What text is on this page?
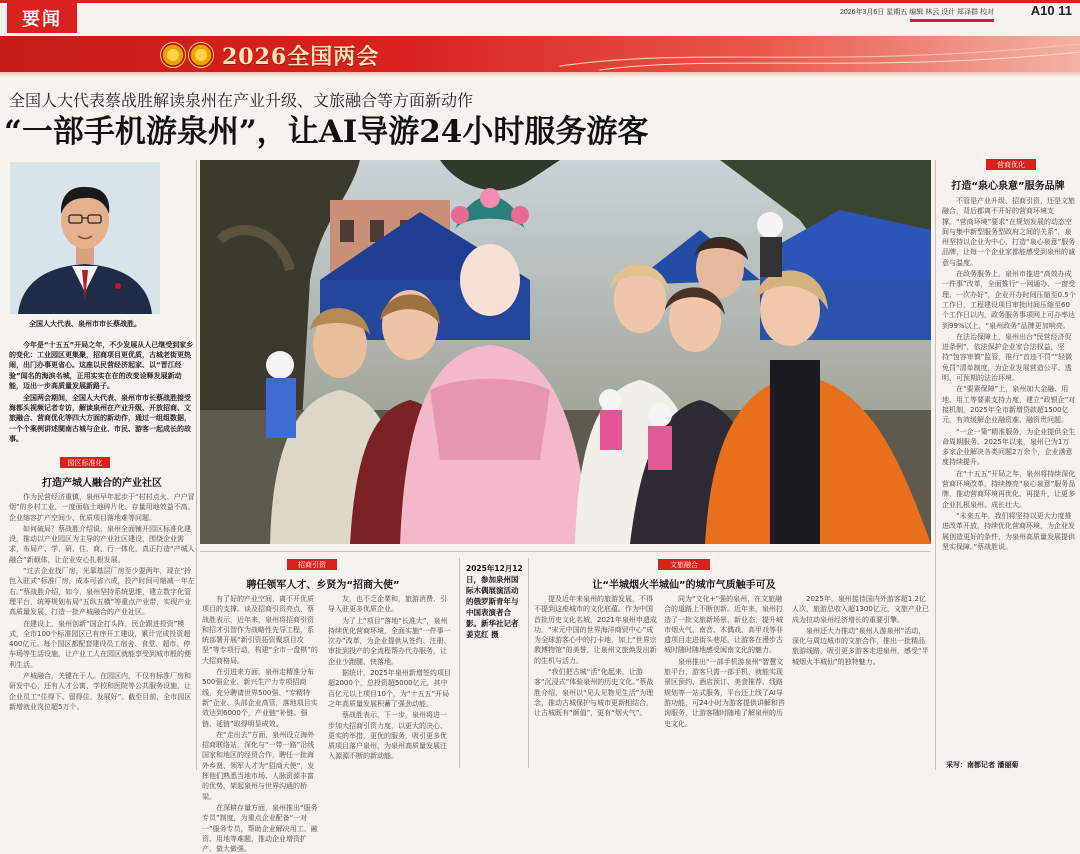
要闻	2026年3月6日 星期五 编辑 林云 设计 郑泽群 校对	A10 11
2026全国两会
全国人大代表蔡战胜解读泉州在产业升级、文旅融合等方面新动作
“一部手机游泉州”，让AI导游24小时服务游客
全国人大代表、泉州市市长蔡战胜。

今年是“十五五”开局之年，不少发展从人已继受到家乡的变化：工业园区更集聚，招商项目更优质，古城老街更热闹，出门办事更省心。这座以民营经济起家、以“晋江经验”闻名的海滨名城，正用实实在在的改变诠释发展新动能，迈出一步高质量发展新路子。

全国两会期间，全国人大代表、泉州市市长蔡战胜接受海都头视频记者专访，解读泉州在产业升级、开放招商、文旅融合、营商优化等四大方面的新动作，通过一组组数据，一个个案例讲述閩南古城与企业、市民、游客一起成长的故事。

园区标准化
打造产城人融合的产业社区

作为民营经济重镇，泉州早年起步于“村村点火、户户冒烟”的乡村工业，一度面临土地碎片化、存量用地效益不高、企业缩容扩产空间少、优质项目落地难等问题。

如何破局？蔡战胜介绍说，泉州全面铺开园区标准化建设，推动以产业园区为主导的产业社区建设，围绕企业需求，布局产、学、研、住、商、行一体化，真正打造“产城人融合”新载体，让企业安心扎根发展。

“过去企业找厂房，光靠基层厂房至少要两年，现在“拎包入驻式”标准厂房，成本可省六成，投产时间可缩减一年左右。”蔡战胜介绍，如今，泉州坚持系统思维，建立数字化管理平台，统筹规划布局“五纵五横”等重点产业带，实现产业高质量发展，打造一批产城融合的产业社区。

在建设上，泉州创新“国企打头阵，民企跟进投资”模式，全市100个标准园区已有序开工建设，累计完成投资超400亿元。每个园区都配套建设员工宿舍、食堂、超市、停车场等生活设施，让产业工人在园区就能享受到城市般的便利生活。

产城融合，关键在于人。在园区内，不仅有标准厂房和研发中心，还有人才公寓、学校和医院等公共服务设施，让企业员工“住得下、留得住、发展好”。截至目前，全市园区新增就业岗位超5万个。

招商引资
聘任领军人才、乡贤为“招商大使”

有了好的产业空间，离不开优质项目的支撑。谈及招商引资亮点，蔡战胜表示，近年来，泉州将招商引资和招才引智作为战略性先导工程，系统部署开展“新引资拓资聚项目攻坚”等专项行动，构建“全市一盘棋”的大招商格局。

在引进来方面，泉州走精准分布500强企业、新兴生产力专项招商线，充分聘请世界500强、“专精特新”企业、头部企业高管，落地项目实效达到6000个，产业链“补链、强链、延链”取得明显成效。

在“走出去”方面，泉州设立海外招商联络站，深化与“一带一路”沿线国家和地区的经贸合作，聘任一批海外乡贤、领军人才为“招商大使”，发挥他们熟悉当地市场、人脉资源丰富的优势，架起泉州与世界沟通的桥梁。

在深耕存量方面，泉州推出“服务专员”制度，为重点企业配备“一对一”服务专员，帮助企业解决用工、融资、用地等难题，推动企业增资扩产、做大做强。

友，也不乏企業和，旅游消费、引导入驻更多优质企业。

为了上“项目”落地“长准大”，泉州持续优化营商环境，全面实施“一件事一次办”改革，为企业提供从签约、注册、审批到投产的全流程帮办代办服务，让企业少跑腿、快落地。

据统计，2025年泉州新增签约项目超2000个，总投资超5000亿元，其中百亿元以上项目10个，为“十五五”开局之年高质量发展积蓄了强劲动能。

蔡战胜表示，下一步，泉州将进一步加大招商引资力度，以更大的决心、更实的举措、更优的服务，吸引更多优质项目落户泉州，为泉州高质量发展注入源源不断的新动能。

2025年12月12日，参加泉州国际木偶展演活动的俄罗斯青年与中国表演者合影。新华社记者姜克红 摄
文旅融合
让“半城烟火半城仙”的城市气质触手可及

提及近年来泉州的旅游发展，不得不提到这座城市的文化底蕴。作为中国首批历史文化名城，2021年泉州申遗成功，“宋元中国的世界海洋商贸中心”成为全球游客心中的打卡地，加上“世界宗教博物馆”的美誉，让泉州文旅焕发出新的生机与活力。

“我们把古城“活”化起来，让游客“沉浸式”体验泉州的历史文化。”蔡战胜介绍，泉州以“见人见物见生活”为理念，推动古城保护与城市更新相结合，让古城既有“颜值”，更有“烟火气”。

同为“文化+”强的泉州，在文旅融合的道路上不断创新。近年来，泉州打造了一批文旅新场景、新业态，提升城市烟火气，南音、木偶戏、高甲戏等非遗项目走进街头巷尾，让游客在漫步古城时随时随地感受闽南文化的魅力。

泉州推出“一部手机游泉州”智慧文旅平台，游客只需一部手机，就能实现景区预约、酒店预订、美食推荐、线路规划等一站式服务，平台还上线了AI导游功能，可24小时为游客提供讲解和咨询服务，让游客随时随地了解泉州的历史文化。

2025年，泉州接待国内外游客超1.2亿人次，旅游总收入超1300亿元，文旅产业已成为拉动泉州经济增长的重要引擎。

泉州还大力推动“泉州人游泉州”活动，深化与周边城市的文旅合作，推出一批精品旅游线路，吸引更多游客走进泉州，感受“半城烟火半城仙”的独特魅力。

营商优化
打造“泉心泉意”服务品牌

不管是产业升级、招商引资，还是文旅融合，背后都离不开好的营商环境支撑。“营商环境”要求“在规划发展的动态空间与集中新型服务型政府之间的关系”，泉州坚持以企业为中心，打造“泉心泉意”服务品牌，让每一个企业家都能感受到泉州的诚意与温度。

在政务服务上，泉州市推进“高效办成一件事”改革，全面推行“一网通办、一窗受理、一次办好”，企业开办时间压缩至0.5个工作日，工程建设项目审批时间压缩至60个工作日以内，政务服务事项网上可办率达到99%以上，“泉州政务”品牌更加响亮。

在法治保障上，泉州出台“民营经济促进条例”，依法保护企业家合法权益，坚持“包容审慎”监管，推行“首违不罚”“轻微免罚”清单制度，为企业发展营造公平、透明、可预期的法治环境。

在“要素保障”上，泉州加大金融、用地、用工等要素支持力度，建立“政银企”对接机制，2025年全市新增贷款超1500亿元，有效缓解企业融资难、融资贵问题。

“一企一策”精准服务，为企业提供全生命周期服务。2025年以来，泉州已为1万多家企业解决各类问题2万余个，企业满意度持续提升。

在“十五五”开局之年，泉州将持续深化营商环境改革，持续擦亮“泉心泉意”服务品牌，推动营商环境再优化、再提升，让更多企业扎根泉州、成长壮大。

“未来五年，我们将坚持以更大力度推进改革开放，持续优化营商环境，为企业发展创造更好的条件，为泉州高质量发展提供坚实保障。”蔡战胜说。

采写：南都记者 潘丽菊
